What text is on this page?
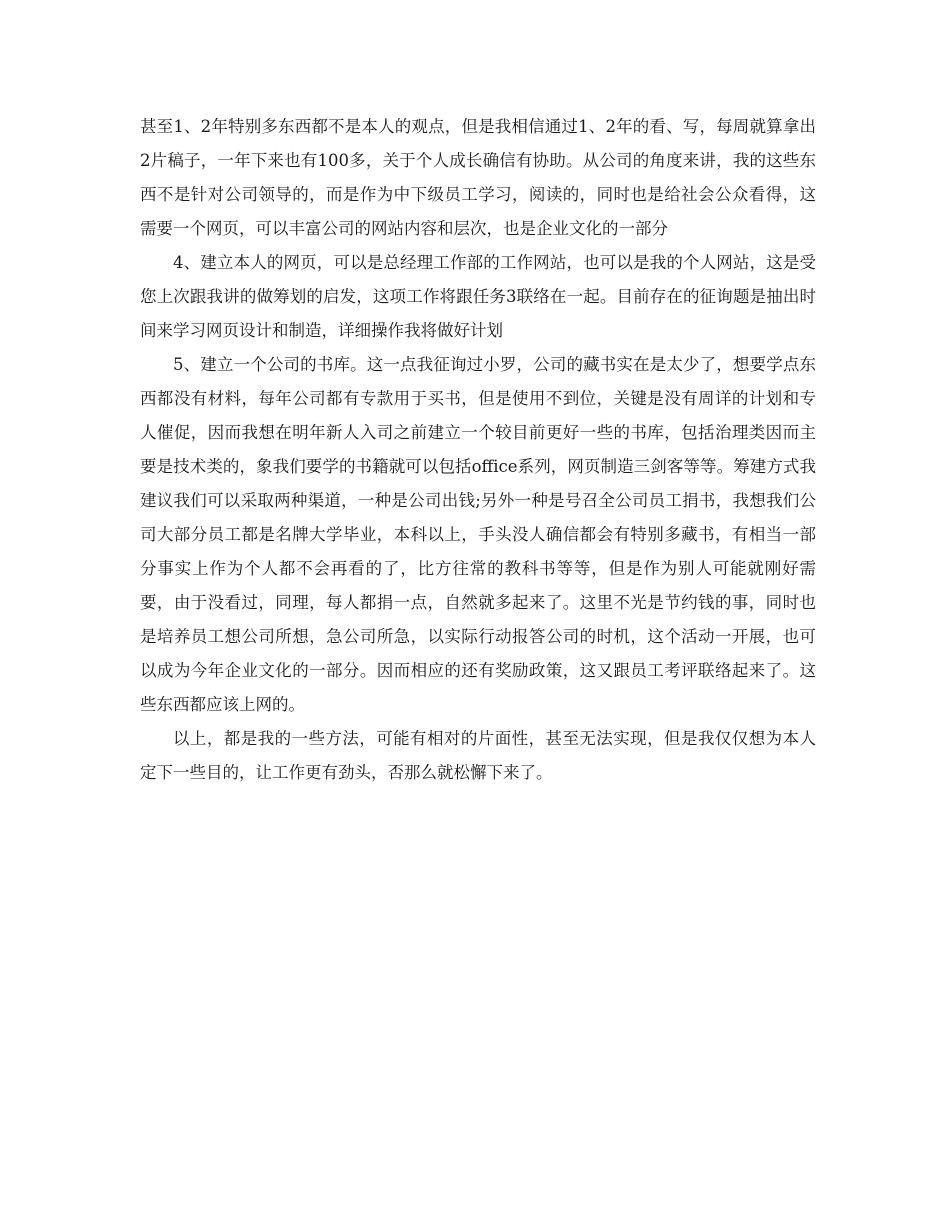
甚至1、2年特别多东西都不是本人的观点，但是我相信通过1、2年的看、写，每周就算拿出2片稿子，一年下来也有100多，关于个人成长确信有协助。从公司的角度来讲，我的这些东西不是针对公司领导的，而是作为中下级员工学习，阅读的，同时也是给社会公众看得，这需要一个网页，可以丰富公司的网站内容和层次，也是企业文化的一部分

4、建立本人的网页，可以是总经理工作部的工作网站，也可以是我的个人网站，这是受您上次跟我讲的做筹划的启发，这项工作将跟任务3联络在一起。目前存在的征询题是抽出时间来学习网页设计和制造，详细操作我将做好计划

5、建立一个公司的书库。这一点我征询过小罗，公司的藏书实在是太少了，想要学点东西都没有材料，每年公司都有专款用于买书，但是使用不到位，关键是没有周详的计划和专人催促，因而我想在明年新人入司之前建立一个较目前更好一些的书库，包括治理类因而主要是技术类的，象我们要学的书籍就可以包括office系列，网页制造三剑客等等。筹建方式我建议我们可以采取两种渠道，一种是公司出钱;另外一种是号召全公司员工捐书，我想我们公司大部分员工都是名牌大学毕业，本科以上，手头没人确信都会有特别多藏书，有相当一部分事实上作为个人都不会再看的了，比方往常的教科书等等，但是作为别人可能就刚好需要，由于没看过，同理，每人都捐一点，自然就多起来了。这里不光是节约钱的事，同时也是培养员工想公司所想，急公司所急，以实际行动报答公司的时机，这个活动一开展，也可以成为今年企业文化的一部分。因而相应的还有奖励政策，这又跟员工考评联络起来了。这些东西都应该上网的。

以上，都是我的一些方法，可能有相对的片面性，甚至无法实现，但是我仅仅想为本人定下一些目的，让工作更有劲头，否那么就松懈下来了。
